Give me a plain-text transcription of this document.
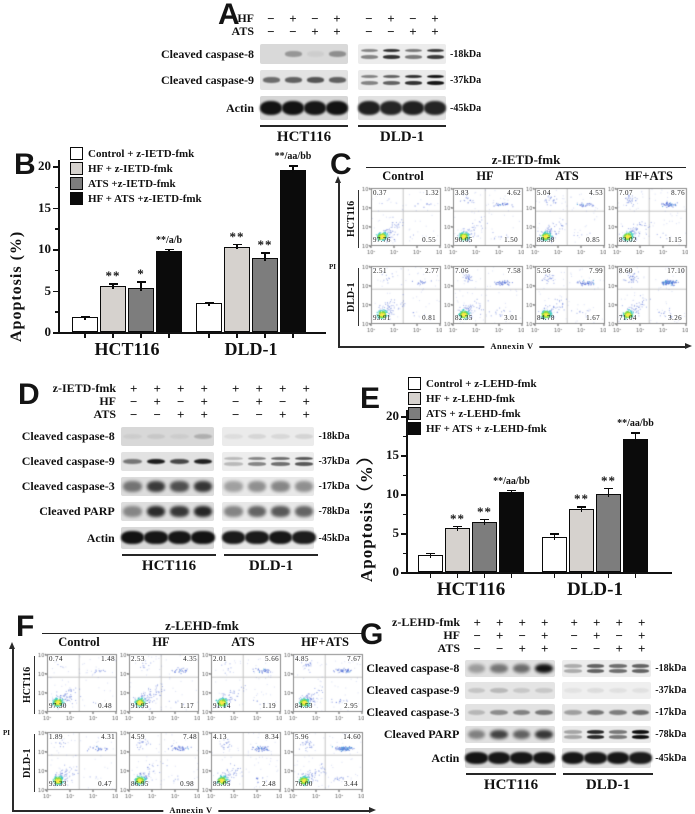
A
HF	−	+	−	+	−	+	−	+
ATS	−	−	+	+	−	−	+	+
Cleaved caspase-8	-18kDa
Cleaved caspase-9	-37kDa
Actin	-45kDa
HCT116	DLD-1
B
Apoptosis (%)	0
5
10
15
20
**	*
**/a/b
HCT116
**
**
**/aa/bb
DLD-1
Control + z-IETD-fmk
HF + z-IETD-fmk
ATS +z-IETD-fmk
HF + ATS +z-IETD-fmk
C	z-IETD-fmk
Control	HF	ATS	HF+ATS
HCT116
0.37	1.32
97.76	0.55
3.83	4.62
90.05	1.50
5.04	4.53
89.58	0.85
7.07	8.76
83.02	1.15
DLD-1
2.51	2.77
93.91	0.81
7.06	7.58
82.35	3.01
5.56	7.99
84.78	1.67
8.60	17.10
71.04	3.26
PI
Annexin V
D	z-IETD-fmk	+	+	+	+	+	+	+	+
HF	−	+	−	+	−	+	−	+
ATS	−	−	+	+	−	−	+	+
Cleaved caspase-8	-18kDa
Cleaved caspase-9	-37kDa
Cleaved caspase-3	-17kDa
Cleaved PARP	-78kDa
Actin	-45kDa
HCT116	DLD-1
E
Apoptosis（%）	0
5
10
15
20
** **
**/aa/bb
HCT116
**
**
**/aa/bb
DLD-1
Control + z-LEHD-fmk
HF + z-LEHD-fmk
ATS + z-LEHD-fmk
HF + ATS + z-LEHD-fmk
F	z-LEHD-fmk
Control	HF	ATS	HF+ATS
HCT116
0.74	1.48
97.30	0.48
2.53	4.35
91.95	1.17
2.01	5.66
91.14	1.19
4.85	7.67
84.53	2.95
DLD-1
1.89	4.31
93.33	0.47
4.59	7.48
86.95	0.98
4.13	8.34
85.05	2.48
5.96	14.60
76.00	3.44
PI
Annexin V
G z-LEHD-fmk	+	+	+	+	+	+	+	+
HF	−	+	−	+	−	+	−	+
ATS	−	−	+	+	−	−	+	+
Cleaved caspase-8	-18kDa
Cleaved caspase-9	-37kDa
Cleaved caspase-3	-17kDa
Cleaved PARP	-78kDa
Actin	-45kDa
HCT116	DLD-1
